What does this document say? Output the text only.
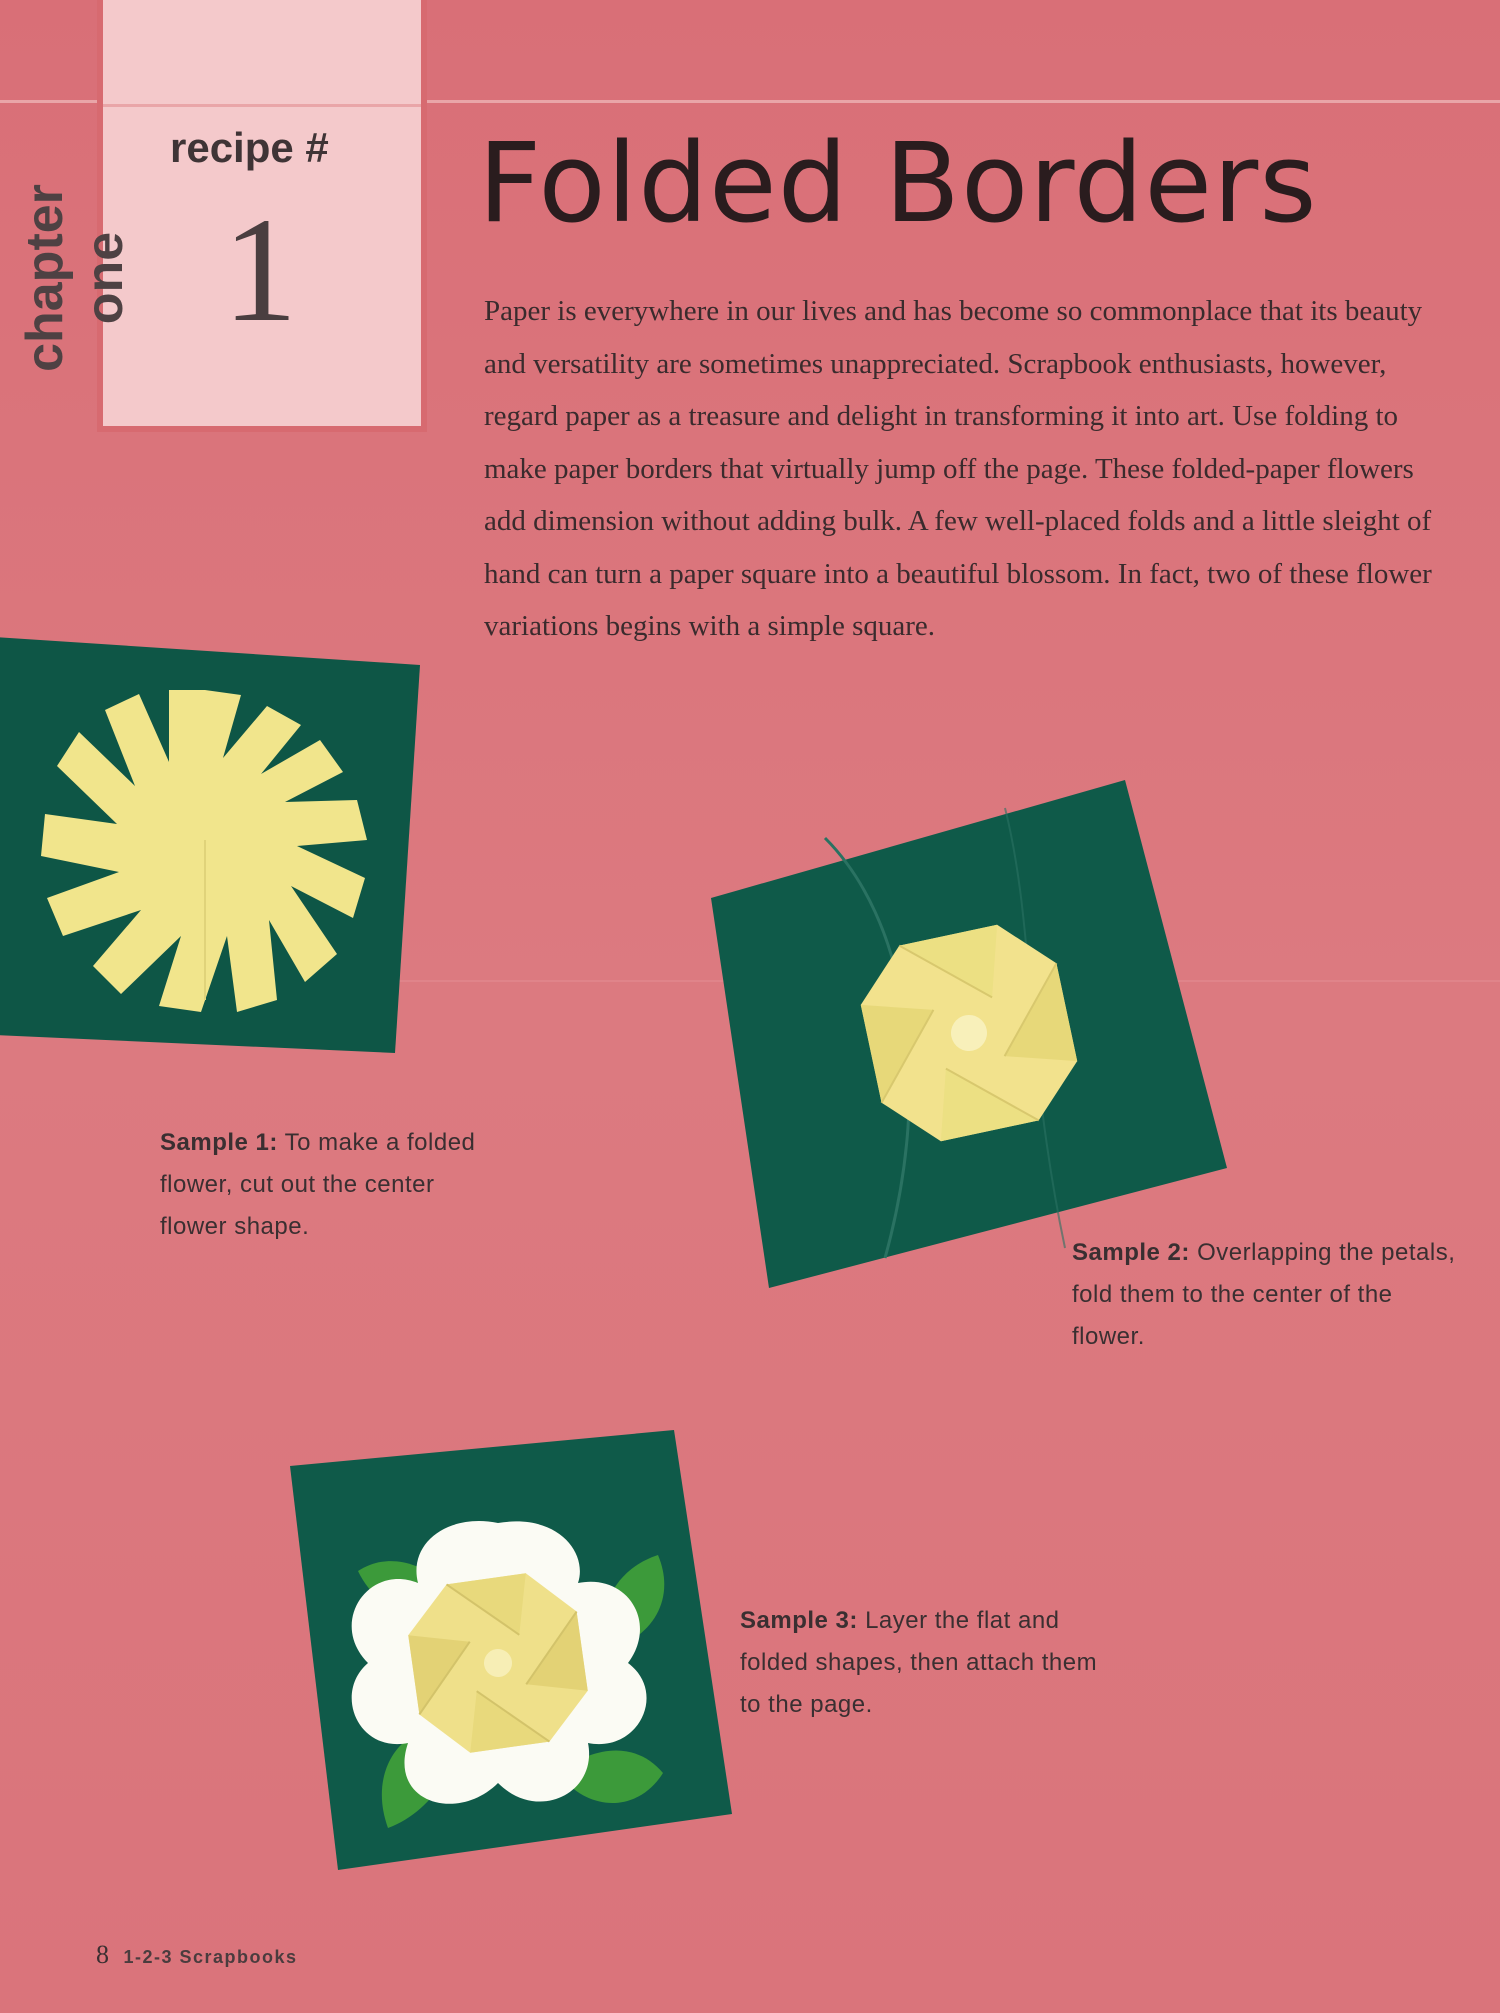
recipe #
1
chapter one
Folded Borders
Paper is everywhere in our lives and has become so commonplace that its beauty and versatility are sometimes unappreciated. Scrapbook enthusiasts, however, regard paper as a treasure and delight in transforming it into art. Use folding to make paper borders that virtually jump off the page. These folded-paper flowers add dimension without adding bulk. A few well-placed folds and a little sleight of hand can turn a paper square into a beautiful blossom. In fact, two of these flower variations begins with a simple square.
Sample 1: To make a folded flower, cut out the center flower shape.
Sample 2: Overlapping the petals, fold them to the center of the flower.
Sample 3: Layer the flat and folded shapes, then attach them to the page.
8 1-2-3 Scrapbooks
